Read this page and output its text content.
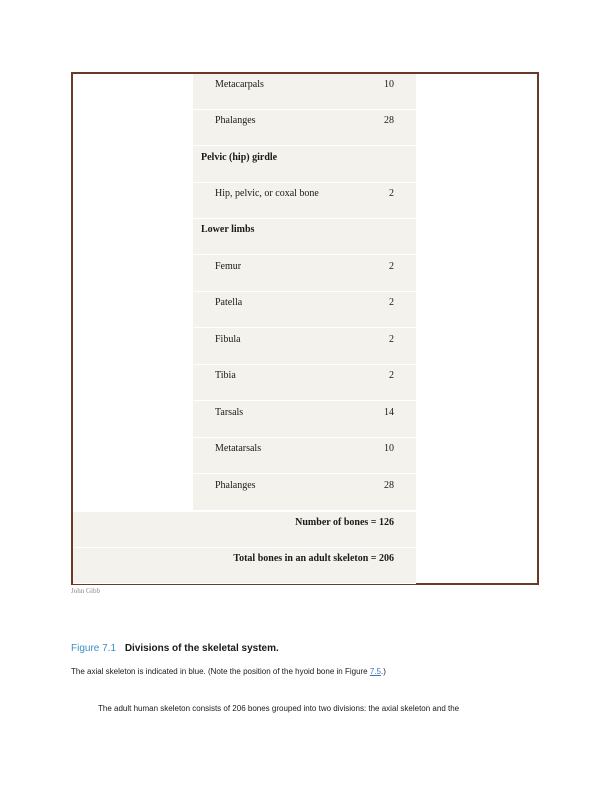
Metacarpals	10
Phalanges	28
Pelvic (hip) girdle
Hip, pelvic, or coxal bone	2
Lower limbs
Femur	2
Patella	2
Fibula	2
Tibia	2
Tarsals	14
Metatarsals	10
Phalanges	28
Number of bones = 126
Total bones in an adult skeleton = 206
John Gibb
Figure 7.1 Divisions of the skeletal system.
The axial skeleton is indicated in blue. (Note the position of the hyoid bone in Figure 7.5.)
The adult human skeleton consists of 206 bones grouped into two divisions: the axial skeleton and the
